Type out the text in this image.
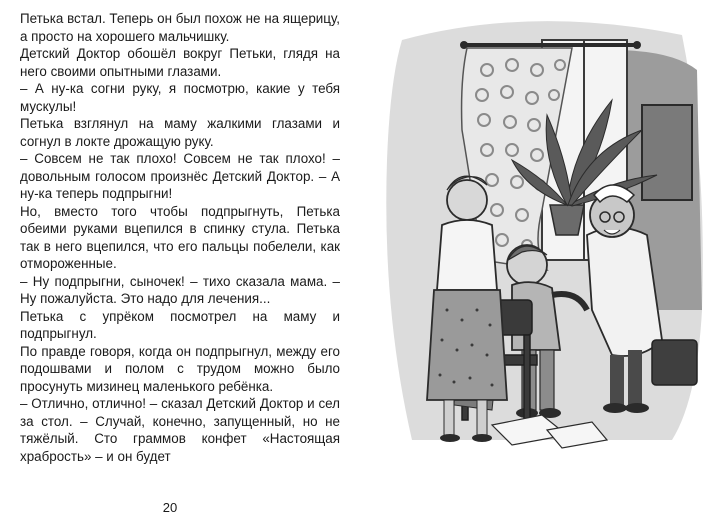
Петька встал. Теперь он был похож не на ящерицу, а просто на хорошего мальчишку.

Детский Доктор обошёл вокруг Петьки, глядя на него своими опытными глазами.

– А ну-ка согни руку, я посмотрю, какие у тебя мускулы!

Петька взглянул на маму жалкими глазами и согнул в локте дрожащую руку.

– Совсем не так плохо! Совсем не так плохо! – довольным голосом произнёс Детский Доктор. – А ну-ка теперь подпрыгни!

Но, вместо того чтобы подпрыгнуть, Петька обеими руками вцепился в спинку стула. Петька так в него вцепился, что его пальцы побелели, как отмороженные.

– Ну подпрыгни, сыночек! – тихо сказала мама. – Ну пожалуйста. Это надо для лечения...

Петька с упрёком посмотрел на маму и подпрыгнул.

По правде говоря, когда он подпрыгнул, между его подошвами и полом с трудом можно было просунуть мизинец маленького ребёнка.

– Отлично, отлично! – сказал Детский Доктор и сел за стол. – Случай, конечно, запущенный, но не тяжёлый. Сто граммов конфет «Настоящая храбрость» – и он будет

20
